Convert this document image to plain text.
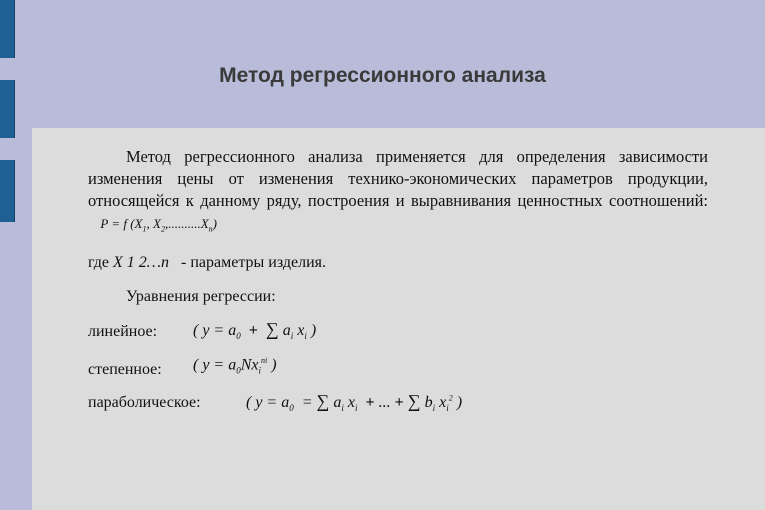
Метод регрессионного анализа
Метод регрессионного анализа применяется для определения зависимости изменения цены от изменения технико-экономических параметров продукции, относящейся к данному ряду, построения и выравнивания ценностных соотношений:    P = f ($X_1$, $X_2,..........X_n$)
где X 1 2…n - параметры изделия.
Уравнения регрессии:
линейное: ( $y = a_0$ + ∑ $a_i$ $x_i$ )
степенное: ( $y = a_0Nx_i^{ni}$ )
параболическое:	( $y = a_0$  = ∑ $a_i$ $x_i$ + ... + ∑ $b_i$ $x_i^2$ )
